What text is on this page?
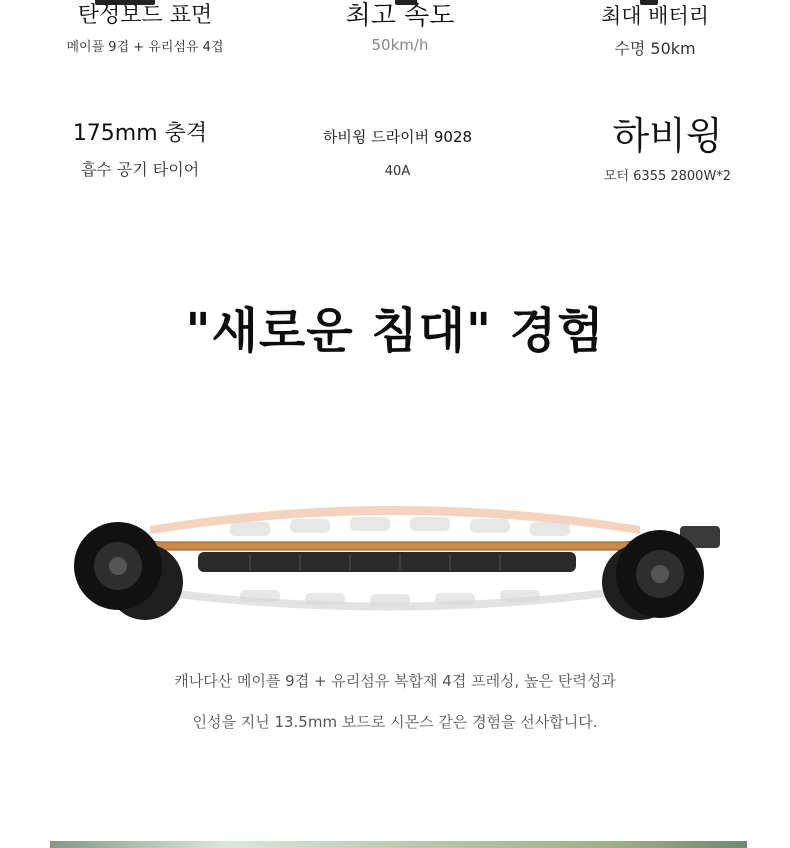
탄성보드 표면
메이플 9겹 + 유리섬유 4겹
최고 속도
50km/h
최대 배터리
수명 50km
175mm 충격
흡수 공기 타이어
하비윙 드라이버 9028
40A
하비윙
모터 6355 2800W*2
"새로운 침대" 경험
캐나다산 메이플 9겹 + 유리섬유 복합재 4겹 프레싱, 높은 탄력성과
인성을 지닌 13.5mm 보드로 시몬스 같은 경험을 선사합니다.
